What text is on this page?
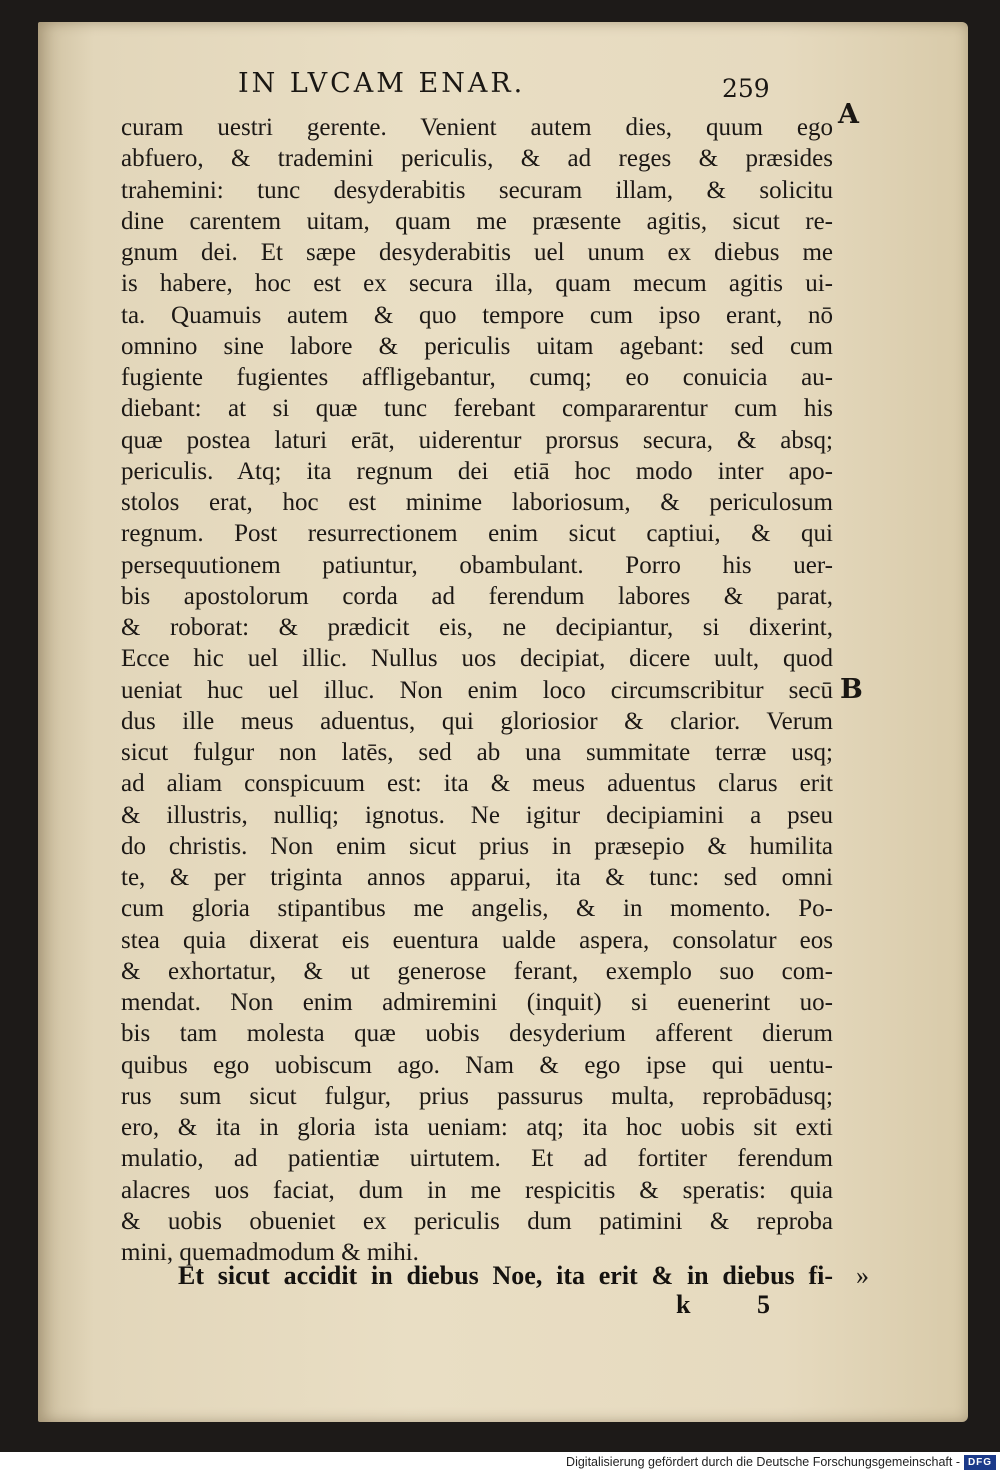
IN LVCAM ENAR.	259
A
B
curam uestri gerente. Venient autem dies, quum ego
abfuero, & trademini periculis, & ad reges & præsides
trahemini: tunc desyderabitis securam illam, & solicitu
dine carentem uitam, quam me præsente agitis, sicut re-
gnum dei. Et sæpe desyderabitis uel unum ex diebus me
is habere, hoc est ex secura illa, quam mecum agitis ui-
ta. Quamuis autem & quo tempore cum ipso erant, nō
omnino sine labore & periculis uitam agebant: sed cum
fugiente fugientes affligebantur, cumq; eo conuicia au-
diebant: at si quæ tunc ferebant compararentur cum his
quæ postea laturi erāt, uiderentur prorsus secura, & absq;
periculis. Atq; ita regnum dei etiā hoc modo inter apo-
stolos erat, hoc est minime laboriosum, & periculosum
regnum. Post resurrectionem enim sicut captiui, & qui
persequutionem patiuntur, obambulant. Porro his uer-
bis apostolorum corda ad ferendum labores & parat,
& roborat: & prædicit eis, ne decipiantur, si dixerint,
Ecce hic uel illic. Nullus uos decipiat, dicere uult, quod
ueniat huc uel illuc. Non enim loco circumscribitur secū
dus ille meus aduentus, qui gloriosior & clarior. Verum
sicut fulgur non latēs, sed ab una summitate terræ usq;
ad aliam conspicuum est: ita & meus aduentus clarus erit
& illustris, nulliq; ignotus. Ne igitur decipiamini a pseu
do christis. Non enim sicut prius in præsepio & humilita
te, & per triginta annos apparui, ita & tunc: sed omni
cum gloria stipantibus me angelis, & in momento. Po-
stea quia dixerat eis euentura ualde aspera, consolatur eos
& exhortatur, & ut generose ferant, exemplo suo com-
mendat. Non enim admiremini (inquit) si euenerint uo-
bis tam molesta quæ uobis desyderium afferent dierum
quibus ego uobiscum ago. Nam & ego ipse qui uentu-
rus sum sicut fulgur, prius passurus multa, reprobādusq;
ero, & ita in gloria ista ueniam: atq; ita hoc uobis sit exti
mulatio, ad patientiæ uirtutem. Et ad fortiter ferendum
alacres uos faciat, dum in me respicitis & speratis: quia
& uobis obueniet ex periculis dum patimini & reproba
mini, quemadmodum & mihi.
Et sicut accidit in diebus Noe, ita erit & in diebus fi- »
k 5
Digitalisierung gefördert durch die Deutsche Forschungsgemeinschaft - DFG
